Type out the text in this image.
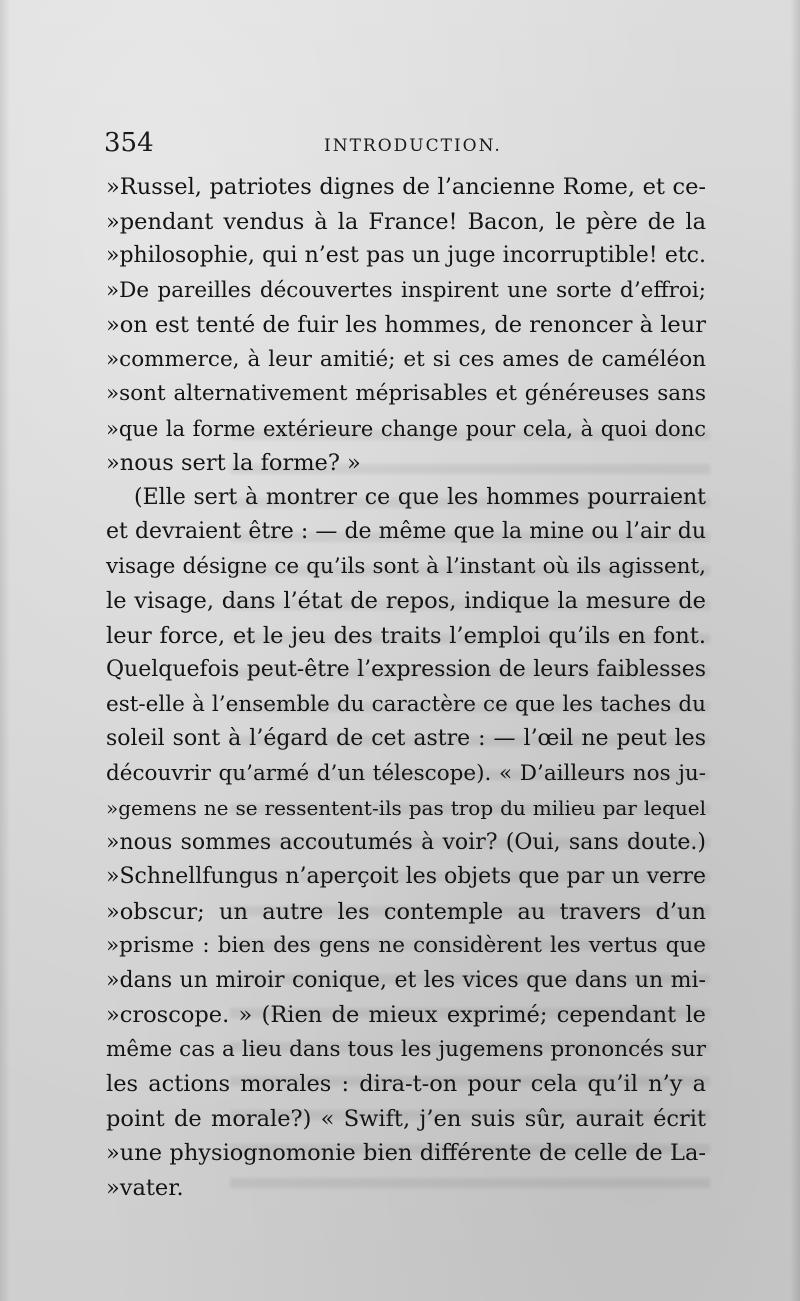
354	INTRODUCTION.
»Russel, patriotes dignes de l’ancienne Rome, et ce-
»pendant vendus à la France! Bacon, le père de la
»philosophie, qui n’est pas un juge incorruptible! etc.
»De pareilles découvertes inspirent une sorte d’effroi;
»on est tenté de fuir les hommes, de renoncer à leur
»commerce, à leur amitié; et si ces ames de caméléon
»sont alternativement méprisables et généreuses sans
»que la forme extérieure change pour cela, à quoi donc
»nous sert la forme? »
(Elle sert à montrer ce que les hommes pourraient
et devraient être : — de même que la mine ou l’air du
visage désigne ce qu’ils sont à l’instant où ils agissent,
le visage, dans l’état de repos, indique la mesure de
leur force, et le jeu des traits l’emploi qu’ils en font.
Quelquefois peut-être l’expression de leurs faiblesses
est-elle à l’ensemble du caractère ce que les taches du
soleil sont à l’égard de cet astre : — l’œil ne peut les
découvrir qu’armé d’un télescope). « D’ailleurs nos ju-
»gemens ne se ressentent-ils pas trop du milieu par lequel
»nous sommes accoutumés à voir? (Oui, sans doute.)
»Schnellfungus n’aperçoit les objets que par un verre
»obscur; un autre les contemple au travers d’un
»prisme : bien des gens ne considèrent les vertus que
»dans un miroir conique, et les vices que dans un mi-
»croscope. » (Rien de mieux exprimé; cependant le
même cas a lieu dans tous les jugemens prononcés sur
les actions morales : dira-t-on pour cela qu’il n’y a
point de morale?) « Swift, j’en suis sûr, aurait écrit
»une physiognomonie bien différente de celle de La-
»vater.
